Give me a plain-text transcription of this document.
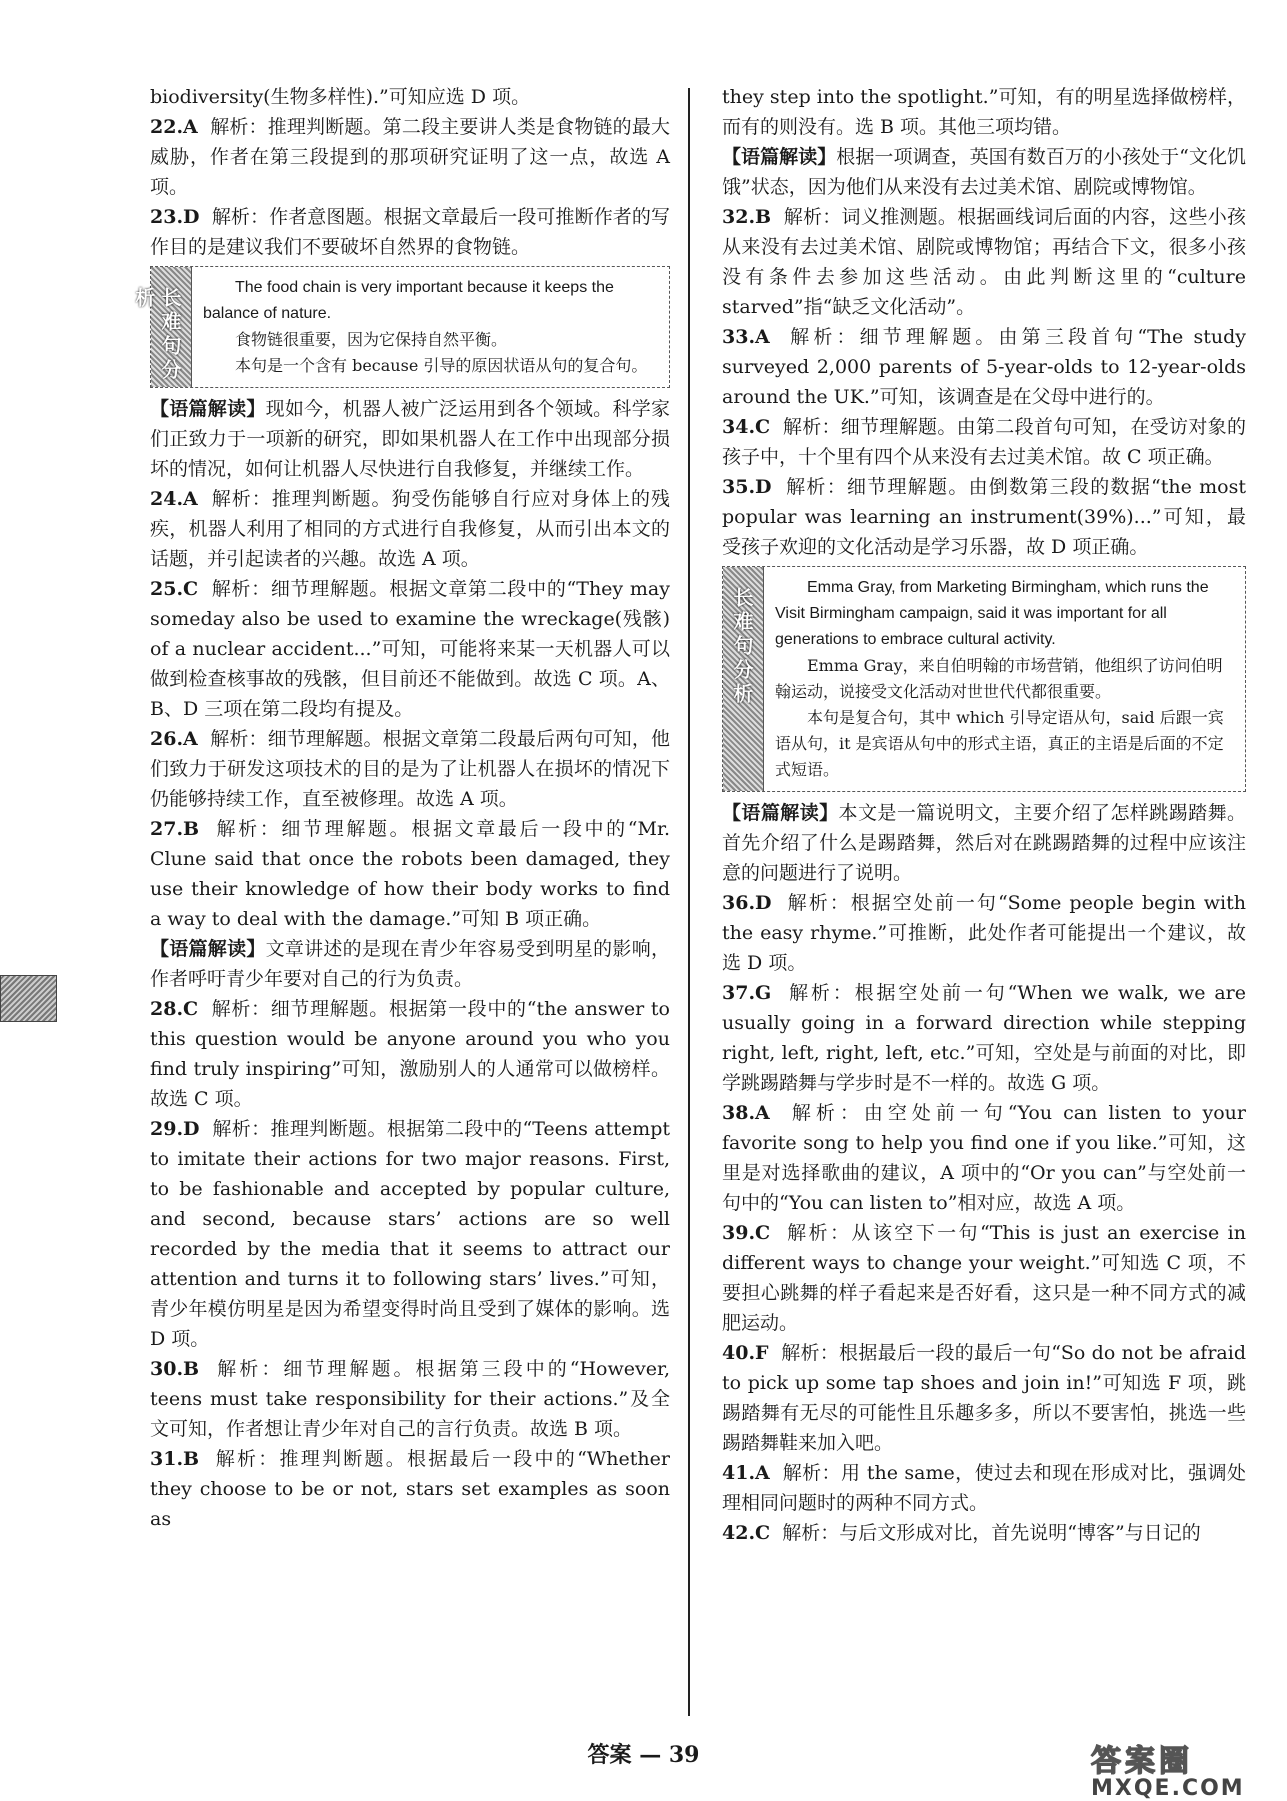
biodiversity(生物多样性).”可知应选 D 项。

22.A  解析：推理判断题。第二段主要讲人类是食物链的最大威胁，作者在第三段提到的那项研究证明了这一点，故选 A 项。

23.D  解析：作者意图题。根据文章最后一段可推断作者的写作目的是建议我们不要破坏自然界的食物链。

长难句分析	The food chain is very important because it keeps the balance of nature.

食物链很重要，因为它保持自然平衡。

本句是一个含有 because 引导的原因状语从句的复合句。

【语篇解读】现如今，机器人被广泛运用到各个领域。科学家们正致力于一项新的研究，即如果机器人在工作中出现部分损坏的情况，如何让机器人尽快进行自我修复，并继续工作。

24.A  解析：推理判断题。狗受伤能够自行应对身体上的残疾，机器人利用了相同的方式进行自我修复，从而引出本文的话题，并引起读者的兴趣。故选 A 项。

25.C  解析：细节理解题。根据文章第二段中的“They may someday also be used to examine the wreckage(残骸) of a nuclear accident...”可知，可能将来某一天机器人可以做到检查核事故的残骸，但目前还不能做到。故选 C 项。A、B、D 三项在第二段均有提及。

26.A  解析：细节理解题。根据文章第二段最后两句可知，他们致力于研发这项技术的目的是为了让机器人在损坏的情况下仍能够持续工作，直至被修理。故选 A 项。

27.B  解析：细节理解题。根据文章最后一段中的“Mr. Clune said that once the robots been damaged, they use their knowledge of how their body works to find a way to deal with the damage.”可知 B 项正确。

【语篇解读】文章讲述的是现在青少年容易受到明星的影响，作者呼吁青少年要对自己的行为负责。

28.C  解析：细节理解题。根据第一段中的“the answer to this question would be anyone around you who you find truly inspiring”可知，激励别人的人通常可以做榜样。故选 C 项。

29.D  解析：推理判断题。根据第二段中的“Teens attempt to imitate their actions for two major reasons. First, to be fashionable and accepted by popular culture, and second, because stars’ actions are so well recorded by the media that it seems to attract our attention and turns it to following stars’ lives.”可知，青少年模仿明星是因为希望变得时尚且受到了媒体的影响。选 D 项。

30.B  解析：细节理解题。根据第三段中的“However, teens must take responsibility for their actions.”及全文可知，作者想让青少年对自己的言行负责。故选 B 项。

31.B  解析：推理判断题。根据最后一段中的“Whether they choose to be or not, stars set examples as soon as

they step into the spotlight.”可知，有的明星选择做榜样，而有的则没有。选 B 项。其他三项均错。

【语篇解读】根据一项调查，英国有数百万的小孩处于“文化饥饿”状态，因为他们从来没有去过美术馆、剧院或博物馆。

32.B  解析：词义推测题。根据画线词后面的内容，这些小孩从来没有去过美术馆、剧院或博物馆；再结合下文，很多小孩没有条件去参加这些活动。由此判断这里的“culture starved”指“缺乏文化活动”。

33.A  解析：细节理解题。由第三段首句“The study surveyed 2,000 parents of 5-year-olds to 12-year-olds around the UK.”可知，该调查是在父母中进行的。

34.C  解析：细节理解题。由第二段首句可知，在受访对象的孩子中，十个里有四个从来没有去过美术馆。故 C 项正确。

35.D  解析：细节理解题。由倒数第三段的数据“the most popular was learning an instrument(39%)...”可知，最受孩子欢迎的文化活动是学习乐器，故 D 项正确。

长难句分析	Emma Gray, from Marketing Birmingham, which runs the Visit Birmingham campaign, said it was important for all generations to embrace cultural activity.

Emma Gray，来自伯明翰的市场营销，他组织了访问伯明翰运动，说接受文化活动对世世代代都很重要。

本句是复合句，其中 which 引导定语从句，said 后跟一宾语从句，it 是宾语从句中的形式主语，真正的主语是后面的不定式短语。

【语篇解读】本文是一篇说明文，主要介绍了怎样跳踢踏舞。首先介绍了什么是踢踏舞，然后对在跳踢踏舞的过程中应该注意的问题进行了说明。

36.D  解析：根据空处前一句“Some people begin with the easy rhyme.”可推断，此处作者可能提出一个建议，故选 D 项。

37.G  解析：根据空处前一句“When we walk, we are usually going in a forward direction while stepping right, left, right, left, etc.”可知，空处是与前面的对比，即学跳踢踏舞与学步时是不一样的。故选 G 项。

38.A  解析：由空处前一句“You can listen to your favorite song to help you find one if you like.”可知，这里是对选择歌曲的建议，A 项中的“Or you can”与空处前一句中的“You can listen to”相对应，故选 A 项。

39.C  解析：从该空下一句“This is just an exercise in different ways to change your weight.”可知选 C 项，不要担心跳舞的样子看起来是否好看，这只是一种不同方式的减肥运动。

40.F  解析：根据最后一段的最后一句“So do not be afraid to pick up some tap shoes and join in!”可知选 F 项，跳踢踏舞有无尽的可能性且乐趣多多，所以不要害怕，挑选一些踢踏舞鞋来加入吧。

41.A  解析：用 the same，使过去和现在形成对比，强调处理相同问题时的两种不同方式。

42.C  解析：与后文形成对比，首先说明“博客”与日记的

答案 — 39	答案圈
MXQE.COM
